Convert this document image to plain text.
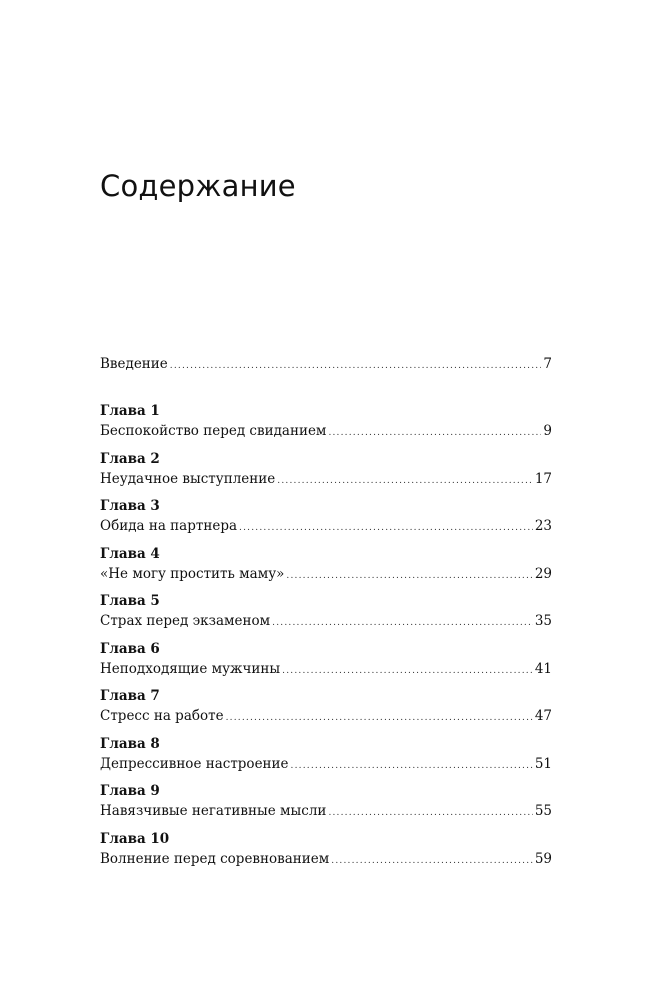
Содержание
Введение .....	7
Глава 1
Беспокойство перед свиданием .....	9
Глава 2
Неудачное выступление .....	17
Глава 3
Обида на партнера .....	23
Глава 4
«Не могу простить маму» .....	29
Глава 5
Страх перед экзаменом .....	35
Глава 6
Неподходящие мужчины .....	41
Глава 7
Стресс на работе .....	47
Глава 8
Депрессивное настроение .....	51
Глава 9
Навязчивые негативные мысли .....	55
Глава 10
Волнение перед соревнованием .....	59
